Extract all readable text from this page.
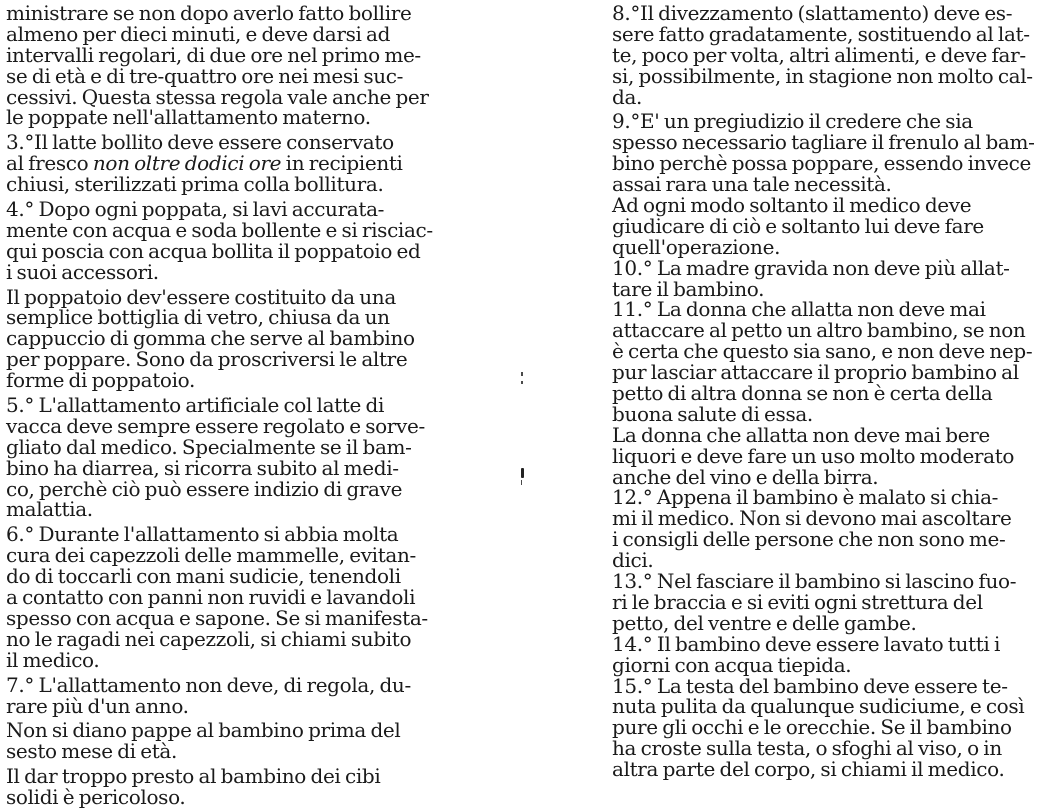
ministrare se non dopo averlo fatto bollire
almeno per dieci minuti, e deve darsi ad
intervalli regolari, di due ore nel primo me-
se di età e di tre-quattro ore nei mesi suc-
cessivi. Questa stessa regola vale anche per
le poppate nell'allattamento materno.
3.°Il latte bollito deve essere conservato
al fresco non oltre dodici ore in recipienti
chiusi, sterilizzati prima colla bollitura.
4.° Dopo ogni poppata, si lavi accurata-
mente con acqua e soda bollente e si risciac-
qui poscia con acqua bollita il poppatoio ed
i suoi accessori.
Il poppatoio dev'essere costituito da una
semplice bottiglia di vetro, chiusa da un
cappuccio di gomma che serve al bambino
per poppare. Sono da proscriversi le altre
forme di poppatoio.
5.° L'allattamento artificiale col latte di
vacca deve sempre essere regolato e sorve-
gliato dal medico. Specialmente se il bam-
bino ha diarrea, si ricorra subito al medi-
co, perchè ciò può essere indizio di grave
malattia.
6.° Durante l'allattamento si abbia molta
cura dei capezzoli delle mammelle, evitan-
do di toccarli con mani sudicie, tenendoli
a contatto con panni non ruvidi e lavandoli
spesso con acqua e sapone. Se si manifesta-
no le ragadi nei capezzoli, si chiami subito
il medico.
7.° L'allattamento non deve, di regola, du-
rare più d'un anno.
Non si diano pappe al bambino prima del
sesto mese di età.
Il dar troppo presto al bambino dei cibi
solidi è pericoloso.
8.°Il divezzamento (slattamento) deve es-
sere fatto gradatamente, sostituendo al lat-
te, poco per volta, altri alimenti, e deve far-
si, possibilmente, in stagione non molto cal-
da.
9.°E' un pregiudizio il credere che sia
spesso necessario tagliare il frenulo al bam-
bino perchè possa poppare, essendo invece
assai rara una tale necessità.
Ad ogni modo soltanto il medico deve
giudicare di ciò e soltanto lui deve fare
quell'operazione.
10.° La madre gravida non deve più allat-
tare il bambino.
11.° La donna che allatta non deve mai
attaccare al petto un altro bambino, se non
è certa che questo sia sano, e non deve nep-
pur lasciar attaccare il proprio bambino al
petto di altra donna se non è certa della
buona salute di essa.
La donna che allatta non deve mai bere
liquori e deve fare un uso molto moderato
anche del vino e della birra.
12.° Appena il bambino è malato si chia-
mi il medico. Non si devono mai ascoltare
i consigli delle persone che non sono me-
dici.
13.° Nel fasciare il bambino si lascino fuo-
ri le braccia e si eviti ogni strettura del
petto, del ventre e delle gambe.
14.° Il bambino deve essere lavato tutti i
giorni con acqua tiepida.
15.° La testa del bambino deve essere te-
nuta pulita da qualunque sudiciume, e così
pure gli occhi e le orecchie. Se il bambino
ha croste sulla testa, o sfoghi al viso, o in
altra parte del corpo, si chiami il medico.
